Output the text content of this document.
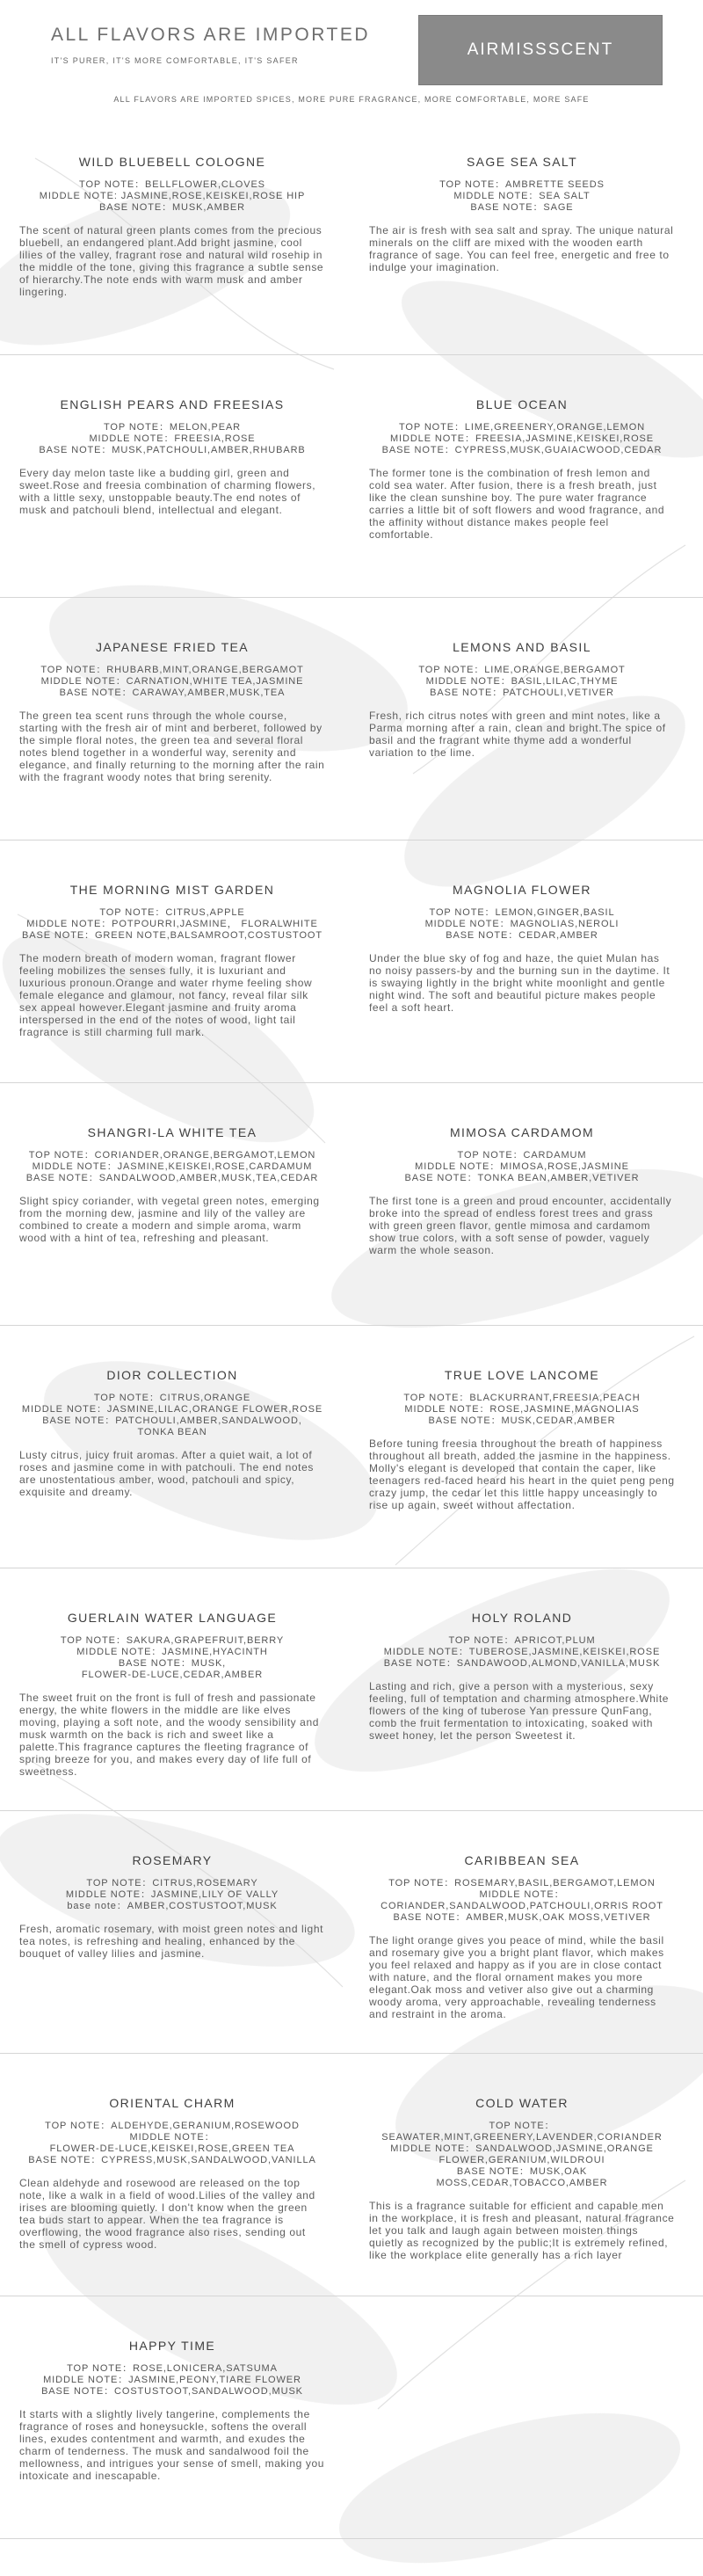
ALL FLAVORS ARE IMPORTED
IT'S PURER, IT'S MORE COMFORTABLE, IT'S SAFER
AIRMISSSCENT
ALL FLAVORS ARE IMPORTED SPICES, MORE PURE FRAGRANCE, MORE COMFORTABLE, MORE SAFE
WILD BLUEBELL COLOGNE
TOP NOTE：BELLFLOWER,CLOVES
MIDDLE NOTE: JASMINE,ROSE,KEISKEI,ROSE HIP
BASE NOTE：MUSK,AMBER
The scent of natural green plants comes from the precious bluebell, an endangered plant.Add bright jasmine, cool lilies of the valley, fragrant rose and natural wild rosehip in the middle of the tone, giving this fragrance a subtle sense of hierarchy.The note ends with warm musk and amber lingering.
SAGE SEA SALT
TOP NOTE：AMBRETTE SEEDS
MIDDLE NOTE：SEA SALT
BASE NOTE：SAGE
The air is fresh with sea salt and spray. The unique natural minerals on the cliff are mixed with the wooden earth fragrance of sage. You can feel free, energetic and free to indulge your imagination.
ENGLISH PEARS AND FREESIAS
TOP NOTE：MELON,PEAR
MIDDLE NOTE：FREESIA,ROSE
BASE NOTE：MUSK,PATCHOULI,AMBER,RHUBARB
Every day melon taste like a budding girl, green and sweet.Rose and freesia combination of charming flowers, with a little sexy, unstoppable beauty.The end notes of musk and patchouli blend, intellectual and elegant.
BLUE OCEAN
TOP NOTE：LIME,GREENERY,ORANGE,LEMON
MIDDLE NOTE：FREESIA,JASMINE,KEISKEI,ROSE
BASE NOTE：CYPRESS,MUSK,GUAIACWOOD,CEDAR
The former tone is the combination of fresh lemon and cold sea water. After fusion, there is a fresh breath, just like the clean sunshine boy. The pure water fragrance carries a little bit of soft flowers and wood fragrance, and the affinity without distance makes people feel comfortable.
JAPANESE FRIED TEA
TOP NOTE：RHUBARB,MINT,ORANGE,BERGAMOT
MIDDLE NOTE：CARNATION,WHITE TEA,JASMINE
BASE NOTE：CARAWAY,AMBER,MUSK,TEA
The green tea scent runs through the whole course, starting with the fresh air of mint and berberet, followed by the simple floral notes, the green tea and several floral notes blend together in a wonderful way, serenity and elegance, and finally returning to the morning after the rain with the fragrant woody notes that bring serenity.
LEMONS AND BASIL
TOP NOTE：LIME,ORANGE,BERGAMOT
MIDDLE NOTE：BASIL,LILAC,THYME
BASE NOTE：PATCHOULI,VETIVER
Fresh, rich citrus notes with green and mint notes, like a Parma morning after a rain, clean and bright.The spice of basil and the fragrant white thyme add a wonderful variation to the lime.
THE MORNING MIST GARDEN
TOP NOTE：CITRUS,APPLE
MIDDLE NOTE：POTPOURRI,JASMINE， FLORALWHITE
BASE NOTE：GREEN NOTE,BALSAMROOT,COSTUSTOOT
The modern breath of modern woman, fragrant flower feeling mobilizes the senses fully, it is luxuriant and luxurious pronoun.Orange and water rhyme feeling show female elegance and glamour, not fancy, reveal filar silk sex appeal however.Elegant jasmine and fruity aroma interspersed in the end of the notes of wood, light tail fragrance is still charming full mark.
MAGNOLIA FLOWER
TOP NOTE：LEMON,GINGER,BASIL
MIDDLE NOTE：MAGNOLIAS,NEROLI
BASE NOTE：CEDAR,AMBER
Under the blue sky of fog and haze, the quiet Mulan has no noisy passers-by and the burning sun in the daytime. It is swaying lightly in the bright white moonlight and gentle night wind. The soft and beautiful picture makes people feel a soft heart.
SHANGRI-LA WHITE TEA
TOP NOTE：CORIANDER,ORANGE,BERGAMOT,LEMON
MIDDLE NOTE：JASMINE,KEISKEI,ROSE,CARDAMUM
BASE NOTE：SANDALWOOD,AMBER,MUSK,TEA,CEDAR
Slight spicy coriander, with vegetal green notes, emerging from the morning dew, jasmine and lily of the valley are combined to create a modern and simple aroma, warm wood with a hint of tea, refreshing and pleasant.
MIMOSA CARDAMOM
TOP NOTE：CARDAMUM
MIDDLE NOTE：MIMOSA,ROSE,JASMINE
BASE NOTE：TONKA BEAN,AMBER,VETIVER
The first tone is a green and proud encounter, accidentally broke into the spread of endless forest trees and grass with green green flavor, gentle mimosa and cardamom show true colors, with a soft sense of powder, vaguely warm the whole season.
DIOR COLLECTION
TOP NOTE：CITRUS,ORANGE
MIDDLE NOTE：JASMINE,LILAC,ORANGE FLOWER,ROSE
BASE NOTE：PATCHOULI,AMBER,SANDALWOOD,
TONKA BEAN
Lusty citrus, juicy fruit aromas. After a quiet wait, a lot of roses and jasmine come in with patchouli. The end notes are unostentatious amber, wood, patchouli and spicy, exquisite and dreamy.
TRUE LOVE LANCOME
TOP NOTE：BLACKURRANT,FREESIA,PEACH
MIDDLE NOTE：ROSE,JASMINE,MAGNOLIAS
BASE NOTE：MUSK,CEDAR,AMBER
Before tuning freesia throughout the breath of happiness throughout all breath, added the jasmine in the happiness. Molly's elegant is developed that contain the caper, like teenagers red-faced heard his heart in the quiet peng peng crazy jump, the cedar let this little happy unceasingly to rise up again, sweet without affectation.
GUERLAIN WATER LANGUAGE
TOP NOTE：SAKURA,GRAPEFRUIT,BERRY
MIDDLE NOTE：JASMINE,HYACINTH
BASE NOTE：MUSK,
FLOWER-DE-LUCE,CEDAR,AMBER
The sweet fruit on the front is full of fresh and passionate energy, the white flowers in the middle are like elves moving, playing a soft note, and the woody sensibility and musk warmth on the back is rich and sweet like a palette.This fragrance captures the fleeting fragrance of spring breeze for you, and makes every day of life full of sweetness.
HOLY ROLAND
TOP NOTE：APRICOT,PLUM
MIDDLE NOTE：TUBEROSE,JASMINE,KEISKEI,ROSE
BASE NOTE：SANDAWOOD,ALMOND,VANILLA,MUSK
Lasting and rich, give a person with a mysterious, sexy feeling, full of temptation and charming atmosphere.White flowers of the king of tuberose Yan pressure QunFang, comb the fruit fermentation to intoxicating, soaked with sweet honey, let the person Sweetest it.
ROSEMARY
TOP NOTE：CITRUS,ROSEMARY
MIDDLE NOTE：JASMINE,LILY OF VALLY
base note：AMBER,COSTUSTOOT,MUSK
Fresh, aromatic rosemary, with moist green notes and light tea notes, is refreshing and healing, enhanced by the bouquet of valley lilies and jasmine.
CARIBBEAN SEA
TOP NOTE：ROSEMARY,BASIL,BERGAMOT,LEMON
MIDDLE NOTE：
CORIANDER,SANDALWOOD,PATCHOULI,ORRIS ROOT
BASE NOTE：AMBER,MUSK,OAK MOSS,VETIVER
The light orange gives you peace of mind, while the basil and rosemary give you a bright plant flavor, which makes you feel relaxed and happy as if you are in close contact with nature, and the floral ornament makes you more elegant.Oak moss and vetiver also give out a charming woody aroma, very approachable, revealing tenderness and restraint in the aroma.
ORIENTAL CHARM
TOP NOTE：ALDEHYDE,GERANIUM,ROSEWOOD
MIDDLE NOTE：
FLOWER-DE-LUCE,KEISKEI,ROSE,GREEN TEA
BASE NOTE：CYPRESS,MUSK,SANDALWOOD,VANILLA
Clean aldehyde and rosewood are released on the top note, like a walk in a field of wood.Lilies of the valley and irises are blooming quietly. I don't know when the green tea buds start to appear. When the tea fragrance is overflowing, the wood fragrance also rises, sending out the smell of cypress wood.
COLD WATER
TOP NOTE：
SEAWATER,MINT,GREENERY,LAVENDER,CORIANDER
MIDDLE NOTE：SANDALWOOD,JASMINE,ORANGE
FLOWER,GERANIUM,WILDROUI
BASE NOTE：MUSK,OAK
MOSS,CEDAR,TOBACCO,AMBER
This is a fragrance suitable for efficient and capable men in the workplace, it is fresh and pleasant, natural fragrance let you talk and laugh again between moisten things quietly as recognized by the public;It is extremely refined, like the workplace elite generally has a rich layer
HAPPY TIME
TOP NOTE：ROSE,LONICERA,SATSUMA
MIDDLE NOTE：JASMINE,PEONY,TIARE FLOWER
BASE NOTE：COSTUSTOOT,SANDALWOOD,MUSK
It starts with a slightly lively tangerine, complements the fragrance of roses and honeysuckle, softens the overall lines, exudes contentment and warmth, and exudes the charm of tenderness. The musk and sandalwood foil the mellowness, and intrigues your sense of smell, making you intoxicate and inescapable.
